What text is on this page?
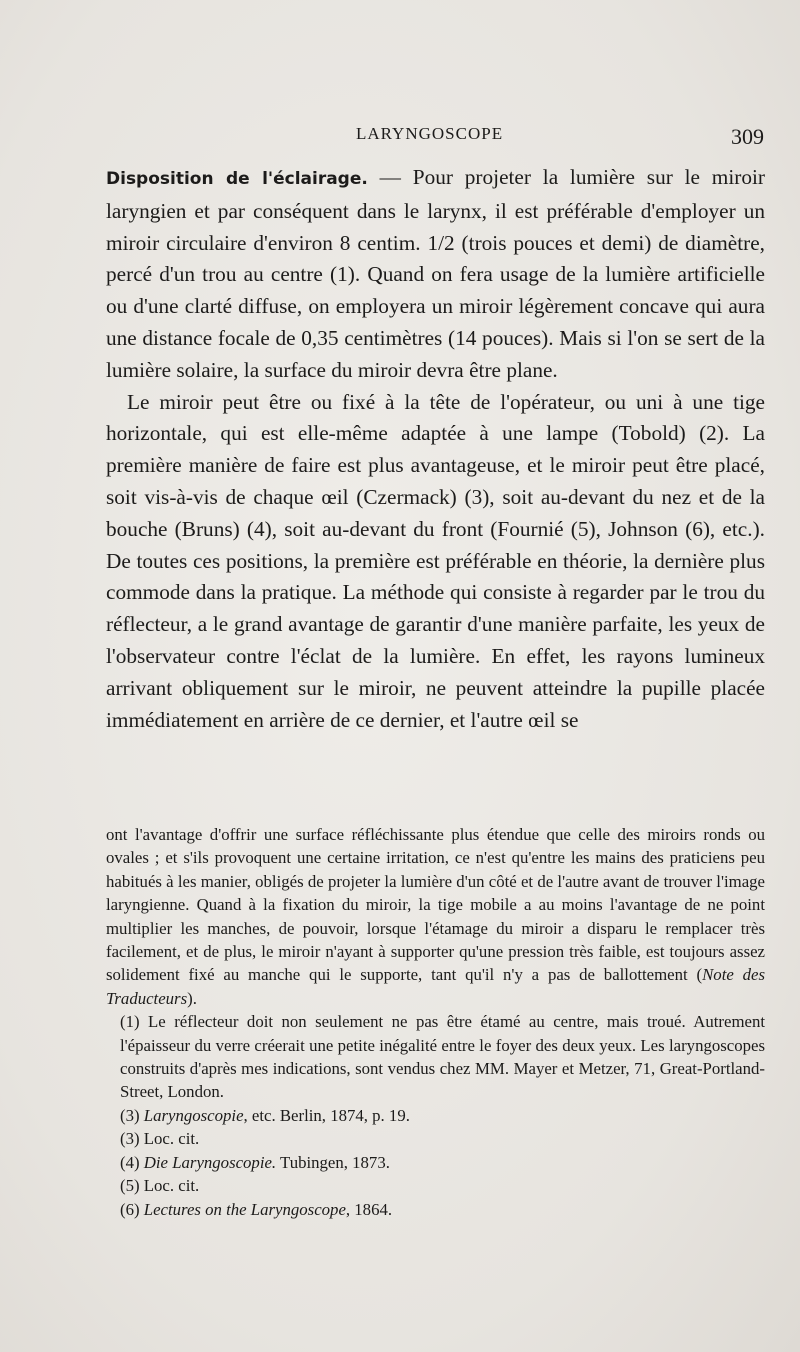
LARYNGOSCOPE	309

Disposition de l'éclairage. — Pour projeter la lumière sur le miroir laryngien et par conséquent dans le larynx, il est préférable d'employer un miroir circulaire d'environ 8 centim. 1/2 (trois pouces et demi) de diamètre, percé d'un trou au centre (1). Quand on fera usage de la lumière artificielle ou d'une clarté diffuse, on employera un miroir légèrement concave qui aura une distance focale de 0,35 centimètres (14 pouces). Mais si l'on se sert de la lumière solaire, la surface du miroir devra être plane.

Le miroir peut être ou fixé à la tête de l'opérateur, ou uni à une tige horizontale, qui est elle-même adaptée à une lampe (Tobold) (2). La première manière de faire est plus avantageuse, et le miroir peut être placé, soit vis-à-vis de chaque œil (Czermack) (3), soit au-devant du nez et de la bouche (Bruns) (4), soit au-devant du front (Fournié (5), Johnson (6), etc.). De toutes ces positions, la première est préférable en théorie, la dernière plus commode dans la pratique. La méthode qui consiste à regarder par le trou du réflecteur, a le grand avantage de garantir d'une manière parfaite, les yeux de l'observateur contre l'éclat de la lumière. En effet, les rayons lumineux arrivant obliquement sur le miroir, ne peuvent atteindre la pupille placée immédiatement en arrière de ce dernier, et l'autre œil se

ont l'avantage d'offrir une surface réfléchissante plus étendue que celle des miroirs ronds ou ovales ; et s'ils provoquent une certaine irritation, ce n'est qu'entre les mains des praticiens peu habitués à les manier, obligés de projeter la lumière d'un côté et de l'autre avant de trouver l'image laryngienne. Quand à la fixation du miroir, la tige mobile a au moins l'avantage de ne point multiplier les manches, de pouvoir, lorsque l'étamage du miroir a disparu le remplacer très facilement, et de plus, le miroir n'ayant à supporter qu'une pression très faible, est toujours assez solidement fixé au manche qui le supporte, tant qu'il n'y a pas de ballottement (Note des Traducteurs).

(1) Le réflecteur doit non seulement ne pas être étamé au centre, mais troué. Autrement l'épaisseur du verre créerait une petite inégalité entre le foyer des deux yeux. Les laryngoscopes construits d'après mes indications, sont vendus chez MM. Mayer et Metzer, 71, Great-Portland-Street, London.

(3) Laryngoscopie, etc. Berlin, 1874, p. 19.
(3) Loc. cit.
(4) Die Laryngoscopie. Tubingen, 1873.
(5) Loc. cit.
(6) Lectures on the Laryngoscope, 1864.
